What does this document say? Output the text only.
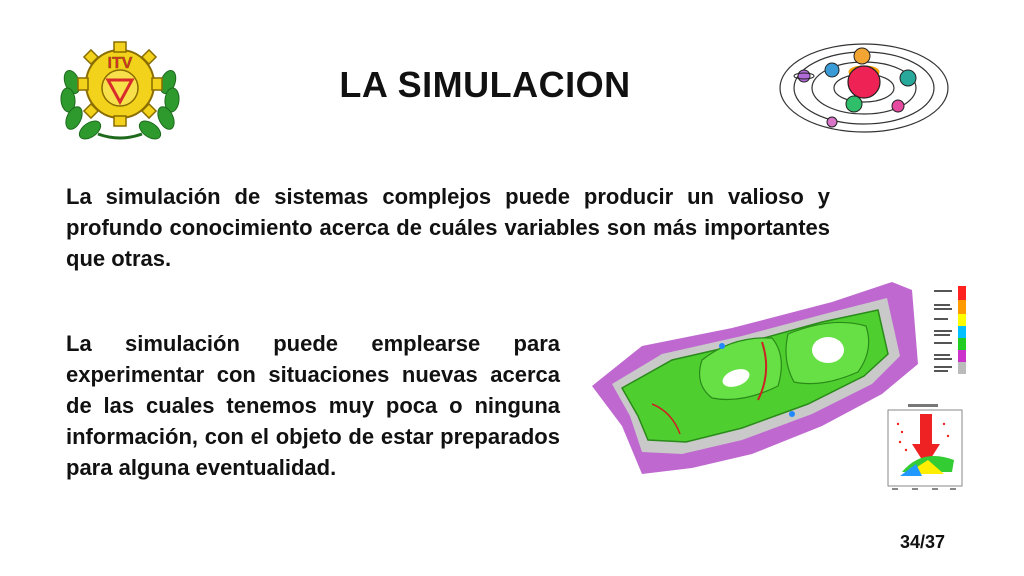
ITV
LA SIMULACION

La simulación de sistemas complejos puede producir un valioso y profundo conocimiento acerca de cuáles variables son más importantes que otras.

La simulación puede emplearse para experimentar con situaciones nuevas acerca de las cuales tenemos muy poca o ninguna información, con el objeto de estar preparados para alguna eventualidad.

34/37
